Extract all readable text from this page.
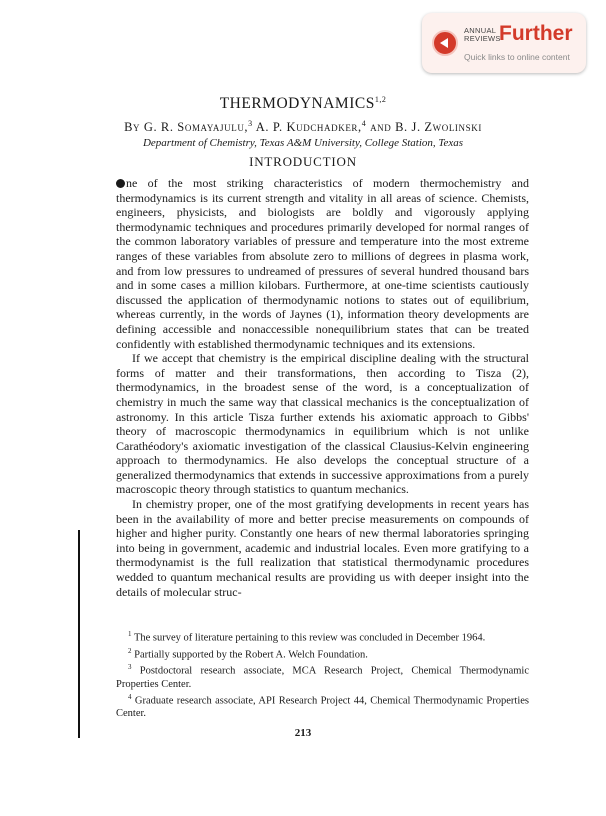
ANNUAL
REVIEWS
Further
Quick links to online content
THERMODYNAMICS$^{1,2}$
By G. R. Somayajulu,$^3$ A. P. Kudchadker,$^4$ and B. J. Zwolinski
Department of Chemistry, Texas A&M University, College Station, Texas
INTRODUCTION

ne of the most striking characteristics of modern thermochemistry and thermodynamics is its current strength and vitality in all areas of science. Chemists, engineers, physicists, and biologists are boldly and vigorously applying thermodynamic techniques and procedures primarily developed for normal ranges of the common laboratory variables of pressure and temperature into the most extreme ranges of these variables from absolute zero to millions of degrees in plasma work, and from low pressures to undreamed of pressures of several hundred thousand bars and in some cases a million kilobars. Furthermore, at one-time scientists cautiously discussed the application of thermodynamic notions to states out of equilibrium, whereas currently, in the words of Jaynes (1), information theory developments are defining accessible and nonaccessible nonequilibrium states that can be treated confidently with established thermodynamic techniques and its extensions.

If we accept that chemistry is the empirical discipline dealing with the structural forms of matter and their transformations, then according to Tisza (2), thermodynamics, in the broadest sense of the word, is a conceptualization of chemistry in much the same way that classical mechanics is the conceptualization of astronomy. In this article Tisza further extends his axiomatic approach to Gibbs' theory of macroscopic thermodynamics in equilibrium which is not unlike Carathéodory's axiomatic investigation of the classical Clausius-Kelvin engineering approach to thermodynamics. He also develops the conceptual structure of a generalized thermodynamics that extends in successive approximations from a purely macroscopic theory through statistics to quantum mechanics.

In chemistry proper, one of the most gratifying developments in recent years has been in the availability of more and better precise measurements on compounds of higher and higher purity. Constantly one hears of new thermal laboratories springing into being in government, academic and industrial locales. Even more gratifying to a thermodynamist is the full realization that statistical thermodynamic procedures wedded to quantum mechanical results are providing us with deeper insight into the details of molecular struc-

$^1$ The survey of literature pertaining to this review was concluded in December 1964.
$^2$ Partially supported by the Robert A. Welch Foundation.
$^3$ Postdoctoral research associate, MCA Research Project, Chemical Thermodynamic Properties Center.
$^4$ Graduate research associate, API Research Project 44, Chemical Thermodynamic Properties Center.
213
